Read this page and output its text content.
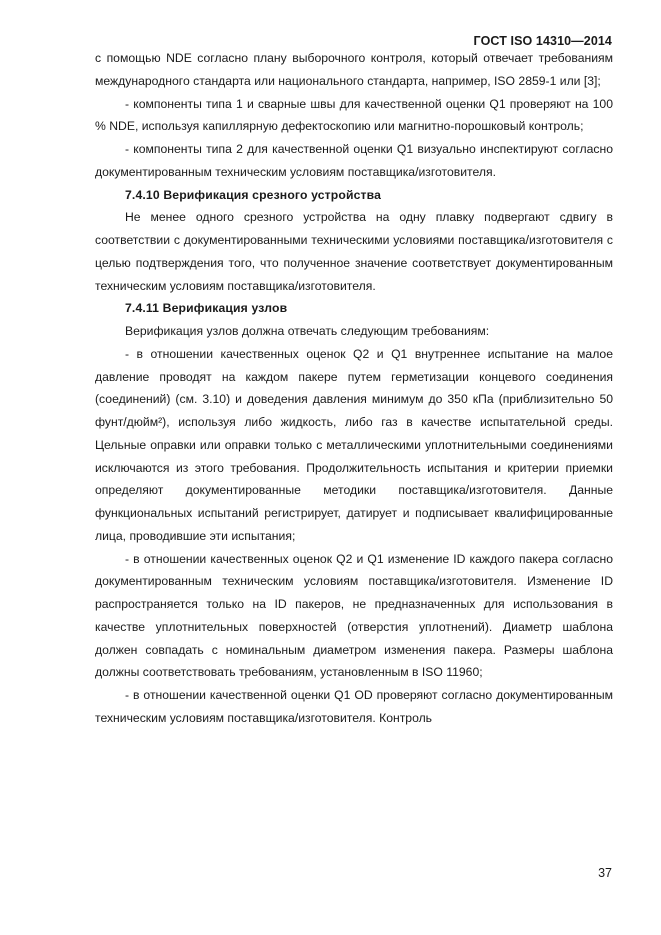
ГОСТ ISO 14310—2014

с помощью NDE согласно плану выборочного контроля, который отвечает требованиям международного стандарта или национального стандарта, например, ISO 2859-1 или [3];

- компоненты типа 1 и сварные швы для качественной оценки Q1 проверяют на 100 % NDE, используя капиллярную дефектоскопию или магнитно-порошковый контроль;

- компоненты типа 2 для качественной оценки Q1 визуально инспектируют согласно документированным техническим условиям поставщика/изготовителя.

7.4.10 Верификация срезного устройства

Не менее одного срезного устройства на одну плавку подвергают сдвигу в соответствии с документированными техническими условиями поставщика/изготовителя с целью подтверждения того, что полученное значение соответствует документированным техническим условиям поставщика/изготовителя.

7.4.11 Верификация узлов

Верификация узлов должна отвечать следующим требованиям:

- в отношении качественных оценок Q2 и Q1 внутреннее испытание на малое давление проводят на каждом пакере путем герметизации концевого соединения (соединений) (см. 3.10) и доведения давления минимум до 350 кПа (приблизительно 50 фунт/дюйм²), используя либо жидкость, либо газ в качестве испытательной среды. Цельные оправки или оправки только с металлическими уплотнительными соединениями исключаются из этого требования. Продолжительность испытания и критерии приемки определяют документированные методики поставщика/изготовителя. Данные функциональных испытаний регистрирует, датирует и подписывает квалифицированные лица, проводившие эти испытания;

- в отношении качественных оценок Q2 и Q1 изменение ID каждого пакера согласно документированным техническим условиям поставщика/изготовителя. Изменение ID распространяется только на ID пакеров, не предназначенных для использования в качестве уплотнительных поверхностей (отверстия уплотнений). Диаметр шаблона должен совпадать с номинальным диаметром изменения пакера. Размеры шаблона должны соответствовать требованиям, установленным в ISO 11960;

- в отношении качественной оценки Q1 OD проверяют согласно документированным техническим условиям поставщика/изготовителя. Контроль

37
